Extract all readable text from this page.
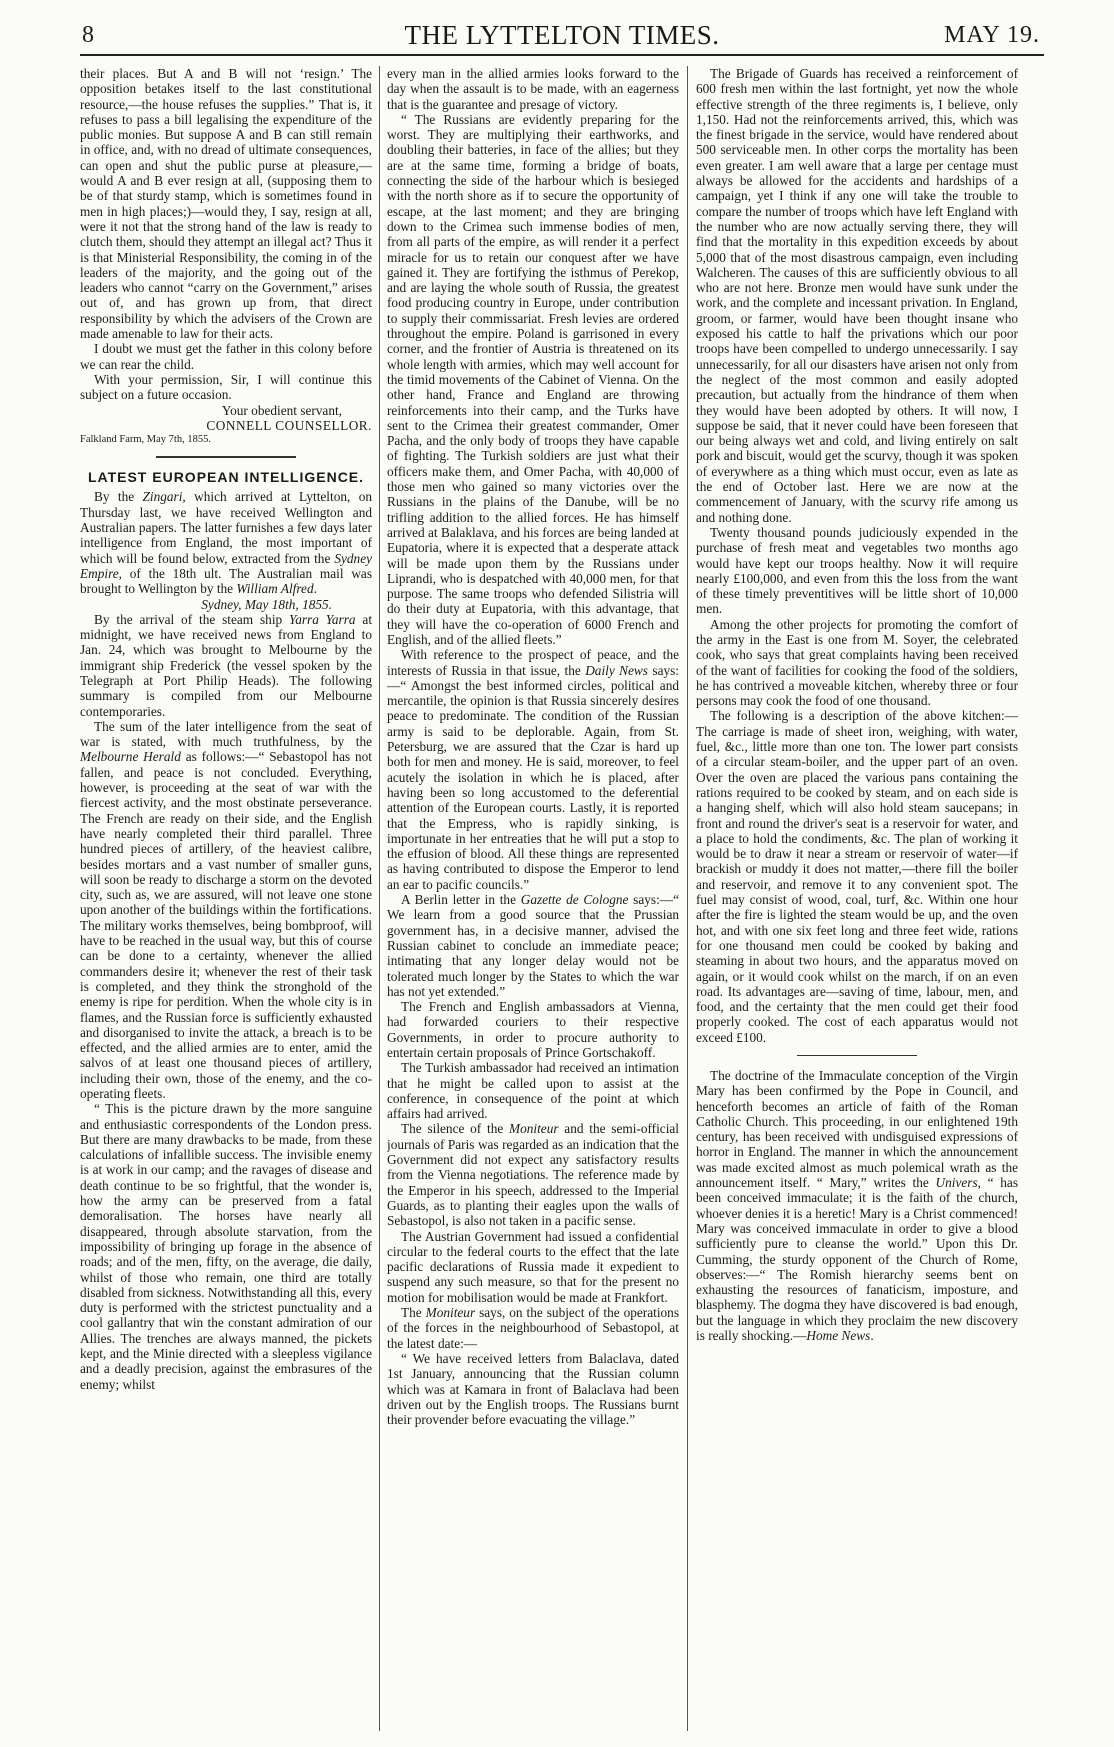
8	THE LYTTELTON TIMES.	MAY 19.

their places. But A and B will not ‘resign.’ The opposition betakes itself to the last constitutional resource,—the house refuses the supplies.” That is, it refuses to pass a bill legalising the expenditure of the public monies. But suppose A and B can still remain in office, and, with no dread of ultimate consequences, can open and shut the public purse at pleasure,—would A and B ever resign at all, (supposing them to be of that sturdy stamp, which is sometimes found in men in high places;)—would they, I say, resign at all, were it not that the strong hand of the law is ready to clutch them, should they attempt an illegal act? Thus it is that Ministerial Responsibility, the coming in of the leaders of the majority, and the going out of the leaders who cannot “carry on the Government,” arises out of, and has grown up from, that direct responsibility by which the advisers of the Crown are made amenable to law for their acts.

I doubt we must get the father in this colony before we can rear the child.

With your permission, Sir, I will continue this subject on a future occasion.

Your obedient servant,

CONNELL COUNSELLOR.

Falkland Farm, May 7th, 1855.

LATEST EUROPEAN INTELLIGENCE.

By the Zingari, which arrived at Lyttelton, on Thursday last, we have received Wellington and Australian papers. The latter furnishes a few days later intelligence from England, the most important of which will be found below, extracted from the Sydney Empire, of the 18th ult. The Australian mail was brought to Wellington by the William Alfred.

Sydney, May 18th, 1855.

By the arrival of the steam ship Yarra Yarra at midnight, we have received news from England to Jan. 24, which was brought to Melbourne by the immigrant ship Frederick (the vessel spoken by the Telegraph at Port Philip Heads). The following summary is compiled from our Melbourne contemporaries.

The sum of the later intelligence from the seat of war is stated, with much truthfulness, by the Melbourne Herald as follows:—“ Sebastopol has not fallen, and peace is not concluded. Everything, however, is proceeding at the seat of war with the fiercest activity, and the most obstinate perseverance. The French are ready on their side, and the English have nearly completed their third parallel. Three hundred pieces of artillery, of the heaviest calibre, besides mortars and a vast number of smaller guns, will soon be ready to discharge a storm on the devoted city, such as, we are assured, will not leave one stone upon another of the buildings within the fortifications. The military works themselves, being bombproof, will have to be reached in the usual way, but this of course can be done to a certainty, whenever the allied commanders desire it; whenever the rest of their task is completed, and they think the stronghold of the enemy is ripe for perdition. When the whole city is in flames, and the Russian force is sufficiently exhausted and disorganised to invite the attack, a breach is to be effected, and the allied armies are to enter, amid the salvos of at least one thousand pieces of artillery, including their own, those of the enemy, and the co-operating fleets.

“ This is the picture drawn by the more sanguine and enthusiastic correspondents of the London press. But there are many drawbacks to be made, from these calculations of infallible success. The invisible enemy is at work in our camp; and the ravages of disease and death continue to be so frightful, that the wonder is, how the army can be preserved from a fatal demoralisation. The horses have nearly all disappeared, through absolute starvation, from the impossibility of bringing up forage in the absence of roads; and of the men, fifty, on the average, die daily, whilst of those who remain, one third are totally disabled from sickness. Notwithstanding all this, every duty is performed with the strictest punctuality and a cool gallantry that win the constant admiration of our Allies. The trenches are always manned, the pickets kept, and the Minie directed with a sleepless vigilance and a deadly precision, against the embrasures of the enemy; whilst

every man in the allied armies looks forward to the day when the assault is to be made, with an eagerness that is the guarantee and presage of victory.

“ The Russians are evidently preparing for the worst. They are multiplying their earthworks, and doubling their batteries, in face of the allies; but they are at the same time, forming a bridge of boats, connecting the side of the harbour which is besieged with the north shore as if to secure the opportunity of escape, at the last moment; and they are bringing down to the Crimea such immense bodies of men, from all parts of the empire, as will render it a perfect miracle for us to retain our conquest after we have gained it. They are fortifying the isthmus of Perekop, and are laying the whole south of Russia, the greatest food producing country in Europe, under contribution to supply their commissariat. Fresh levies are ordered throughout the empire. Poland is garrisoned in every corner, and the frontier of Austria is threatened on its whole length with armies, which may well account for the timid movements of the Cabinet of Vienna. On the other hand, France and England are throwing reinforcements into their camp, and the Turks have sent to the Crimea their greatest commander, Omer Pacha, and the only body of troops they have capable of fighting. The Turkish soldiers are just what their officers make them, and Omer Pacha, with 40,000 of those men who gained so many victories over the Russians in the plains of the Danube, will be no trifling addition to the allied forces. He has himself arrived at Balaklava, and his forces are being landed at Eupatoria, where it is expected that a desperate attack will be made upon them by the Russians under Liprandi, who is despatched with 40,000 men, for that purpose. The same troops who defended Silistria will do their duty at Eupatoria, with this advantage, that they will have the co-operation of 6000 French and English, and of the allied fleets.”

With reference to the prospect of peace, and the interests of Russia in that issue, the Daily News says:—“ Amongst the best informed circles, political and mercantile, the opinion is that Russia sincerely desires peace to predominate. The condition of the Russian army is said to be deplorable. Again, from St. Petersburg, we are assured that the Czar is hard up both for men and money. He is said, moreover, to feel acutely the isolation in which he is placed, after having been so long accustomed to the deferential attention of the European courts. Lastly, it is reported that the Empress, who is rapidly sinking, is importunate in her entreaties that he will put a stop to the effusion of blood. All these things are represented as having contributed to dispose the Emperor to lend an ear to pacific councils.”

A Berlin letter in the Gazette de Cologne says:—“ We learn from a good source that the Prussian government has, in a decisive manner, advised the Russian cabinet to conclude an immediate peace; intimating that any longer delay would not be tolerated much longer by the States to which the war has not yet extended.”

The French and English ambassadors at Vienna, had forwarded couriers to their respective Governments, in order to procure authority to entertain certain proposals of Prince Gortschakoff.

The Turkish ambassador had received an intimation that he might be called upon to assist at the conference, in consequence of the point at which affairs had arrived.

The silence of the Moniteur and the semi-official journals of Paris was regarded as an indication that the Government did not expect any satisfactory results from the Vienna negotiations. The reference made by the Emperor in his speech, addressed to the Imperial Guards, as to planting their eagles upon the walls of Sebastopol, is also not taken in a pacific sense.

The Austrian Government had issued a confidential circular to the federal courts to the effect that the late pacific declarations of Russia made it expedient to suspend any such measure, so that for the present no motion for mobilisation would be made at Frankfort.

The Moniteur says, on the subject of the operations of the forces in the neighbourhood of Sebastopol, at the latest date:—

“ We have received letters from Balaclava, dated 1st January, announcing that the Russian column which was at Kamara in front of Balaclava had been driven out by the English troops. The Russians burnt their provender before evacuating the village.”

The Brigade of Guards has received a reinforcement of 600 fresh men within the last fortnight, yet now the whole effective strength of the three regiments is, I believe, only 1,150. Had not the reinforcements arrived, this, which was the finest brigade in the service, would have rendered about 500 serviceable men. In other corps the mortality has been even greater. I am well aware that a large per centage must always be allowed for the accidents and hardships of a campaign, yet I think if any one will take the trouble to compare the number of troops which have left England with the number who are now actually serving there, they will find that the mortality in this expedition exceeds by about 5,000 that of the most disastrous campaign, even including Walcheren. The causes of this are sufficiently obvious to all who are not here. Bronze men would have sunk under the work, and the complete and incessant privation. In England, groom, or farmer, would have been thought insane who exposed his cattle to half the privations which our poor troops have been compelled to undergo unnecessarily. I say unnecessarily, for all our disasters have arisen not only from the neglect of the most common and easily adopted precaution, but actually from the hindrance of them when they would have been adopted by others. It will now, I suppose be said, that it never could have been foreseen that our being always wet and cold, and living entirely on salt pork and biscuit, would get the scurvy, though it was spoken of everywhere as a thing which must occur, even as late as the end of October last. Here we are now at the commencement of January, with the scurvy rife among us and nothing done.

Twenty thousand pounds judiciously expended in the purchase of fresh meat and vegetables two months ago would have kept our troops healthy. Now it will require nearly £100,000, and even from this the loss from the want of these timely preventitives will be little short of 10,000 men.

Among the other projects for promoting the comfort of the army in the East is one from M. Soyer, the celebrated cook, who says that great complaints having been received of the want of facilities for cooking the food of the soldiers, he has contrived a moveable kitchen, whereby three or four persons may cook the food of one thousand.

The following is a description of the above kitchen:—The carriage is made of sheet iron, weighing, with water, fuel, &c., little more than one ton. The lower part consists of a circular steam-boiler, and the upper part of an oven. Over the oven are placed the various pans containing the rations required to be cooked by steam, and on each side is a hanging shelf, which will also hold steam saucepans; in front and round the driver's seat is a reservoir for water, and a place to hold the condiments, &c. The plan of working it would be to draw it near a stream or reservoir of water—if brackish or muddy it does not matter,—there fill the boiler and reservoir, and remove it to any convenient spot. The fuel may consist of wood, coal, turf, &c. Within one hour after the fire is lighted the steam would be up, and the oven hot, and with one six feet long and three feet wide, rations for one thousand men could be cooked by baking and steaming in about two hours, and the apparatus moved on again, or it would cook whilst on the march, if on an even road. Its advantages are—saving of time, labour, men, and food, and the certainty that the men could get their food properly cooked. The cost of each apparatus would not exceed £100.

The doctrine of the Immaculate conception of the Virgin Mary has been confirmed by the Pope in Council, and henceforth becomes an article of faith of the Roman Catholic Church. This proceeding, in our enlightened 19th century, has been received with undisguised expressions of horror in England. The manner in which the announcement was made excited almost as much polemical wrath as the announcement itself. “ Mary,” writes the Univers, “ has been conceived immaculate; it is the faith of the church, whoever denies it is a heretic! Mary is a Christ commenced! Mary was conceived immaculate in order to give a blood sufficiently pure to cleanse the world.” Upon this Dr. Cumming, the sturdy opponent of the Church of Rome, observes:—“ The Romish hierarchy seems bent on exhausting the resources of fanaticism, imposture, and blasphemy. The dogma they have discovered is bad enough, but the language in which they proclaim the new discovery is really shocking.—Home News.
